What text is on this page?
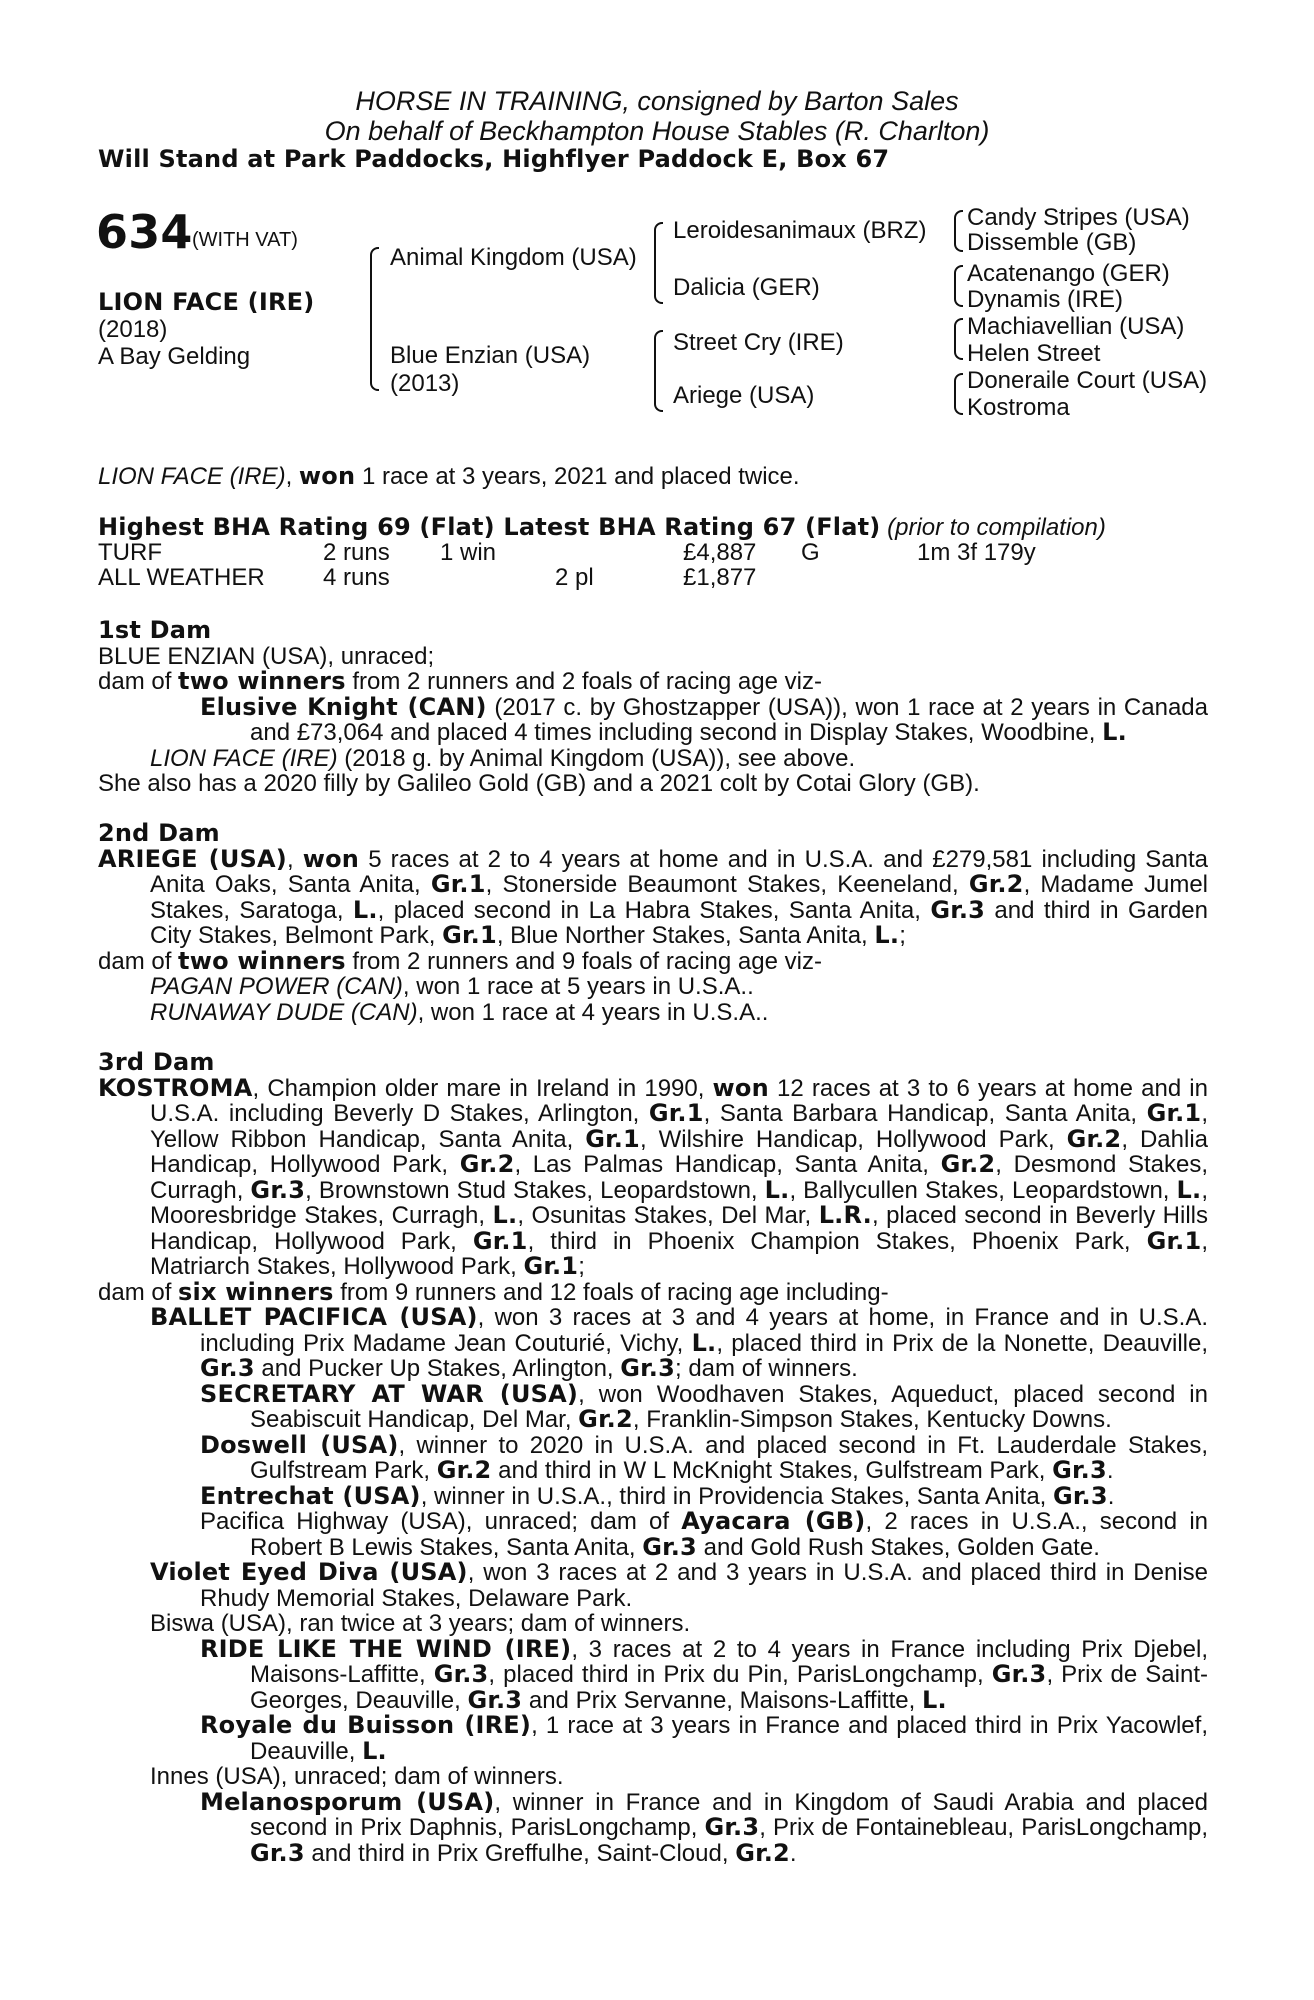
HORSE IN TRAINING, consigned by Barton Sales
On behalf of Beckhampton House Stables (R. Charlton)
Will Stand at Park Paddocks, Highflyer Paddock E, Box 67
634 (WITH VAT)
LION FACE (IRE)
(2018)
A Bay Gelding
Animal Kingdom (USA)
Blue Enzian (USA)
(2013)
Leroidesanimaux (BRZ)
Dalicia (GER)
Street Cry (IRE)
Ariege (USA)
Candy Stripes (USA)
Dissemble (GB)
Acatenango (GER)
Dynamis (IRE)
Machiavellian (USA)
Helen Street
Doneraile Court (USA)
Kostroma
LION FACE (IRE), won 1 race at 3 years, 2021 and placed twice.
Highest BHA Rating 69 (Flat) Latest BHA Rating 67 (Flat) (prior to compilation)
TURF	2 runs 1 win	£4,887 G	1m 3f 179y
ALL WEATHER 4 runs	2 pl	£1,877

1st Dam

BLUE ENZIAN (USA), unraced;

dam of two winners from 2 runners and 2 foals of racing age viz-

Elusive Knight (CAN) (2017 c. by Ghostzapper (USA)), won 1 race at 2 years in Canada and £73,064 and placed 4 times including second in Display Stakes, Woodbine, L.

LION FACE (IRE) (2018 g. by Animal Kingdom (USA)), see above.

She also has a 2020 filly by Galileo Gold (GB) and a 2021 colt by Cotai Glory (GB).

2nd Dam

ARIEGE (USA), won 5 races at 2 to 4 years at home and in U.S.A. and £279,581 including Santa Anita Oaks, Santa Anita, Gr.1, Stonerside Beaumont Stakes, Keeneland, Gr.2, Madame Jumel Stakes, Saratoga, L., placed second in La Habra Stakes, Santa Anita, Gr.3 and third in Garden City Stakes, Belmont Park, Gr.1, Blue Norther Stakes, Santa Anita, L.;

dam of two winners from 2 runners and 9 foals of racing age viz-

PAGAN POWER (CAN), won 1 race at 5 years in U.S.A..

RUNAWAY DUDE (CAN), won 1 race at 4 years in U.S.A..

3rd Dam

KOSTROMA, Champion older mare in Ireland in 1990, won 12 races at 3 to 6 years at home and in U.S.A. including Beverly D Stakes, Arlington, Gr.1, Santa Barbara Handicap, Santa Anita, Gr.1, Yellow Ribbon Handicap, Santa Anita, Gr.1, Wilshire Handicap, Hollywood Park, Gr.2, Dahlia Handicap, Hollywood Park, Gr.2, Las Palmas Handicap, Santa Anita, Gr.2, Desmond Stakes, Curragh, Gr.3, Brownstown Stud Stakes, Leopardstown, L., Ballycullen Stakes, Leopardstown, L., Mooresbridge Stakes, Curragh, L., Osunitas Stakes, Del Mar, L.R., placed second in Beverly Hills Handicap, Hollywood Park, Gr.1, third in Phoenix Champion Stakes, Phoenix Park, Gr.1, Matriarch Stakes, Hollywood Park, Gr.1;

dam of six winners from 9 runners and 12 foals of racing age including-

BALLET PACIFICA (USA), won 3 races at 3 and 4 years at home, in France and in U.S.A. including Prix Madame Jean Couturié, Vichy, L., placed third in Prix de la Nonette, Deauville, Gr.3 and Pucker Up Stakes, Arlington, Gr.3; dam of winners.

SECRETARY AT WAR (USA), won Woodhaven Stakes, Aqueduct, placed second in Seabiscuit Handicap, Del Mar, Gr.2, Franklin-Simpson Stakes, Kentucky Downs.

Doswell (USA), winner to 2020 in U.S.A. and placed second in Ft. Lauderdale Stakes, Gulfstream Park, Gr.2 and third in W L McKnight Stakes, Gulfstream Park, Gr.3.

Entrechat (USA), winner in U.S.A., third in Providencia Stakes, Santa Anita, Gr.3.

Pacifica Highway (USA), unraced; dam of Ayacara (GB), 2 races in U.S.A., second in Robert B Lewis Stakes, Santa Anita, Gr.3 and Gold Rush Stakes, Golden Gate.

Violet Eyed Diva (USA), won 3 races at 2 and 3 years in U.S.A. and placed third in Denise Rhudy Memorial Stakes, Delaware Park.

Biswa (USA), ran twice at 3 years; dam of winners.

RIDE LIKE THE WIND (IRE), 3 races at 2 to 4 years in France including Prix Djebel, Maisons-Laffitte, Gr.3, placed third in Prix du Pin, ParisLongchamp, Gr.3, Prix de Saint-Georges, Deauville, Gr.3 and Prix Servanne, Maisons-Laffitte, L.

Royale du Buisson (IRE), 1 race at 3 years in France and placed third in Prix Yacowlef, Deauville, L.

Innes (USA), unraced; dam of winners.

Melanosporum (USA), winner in France and in Kingdom of Saudi Arabia and placed second in Prix Daphnis, ParisLongchamp, Gr.3, Prix de Fontainebleau, ParisLongchamp, Gr.3 and third in Prix Greffulhe, Saint-Cloud, Gr.2.
